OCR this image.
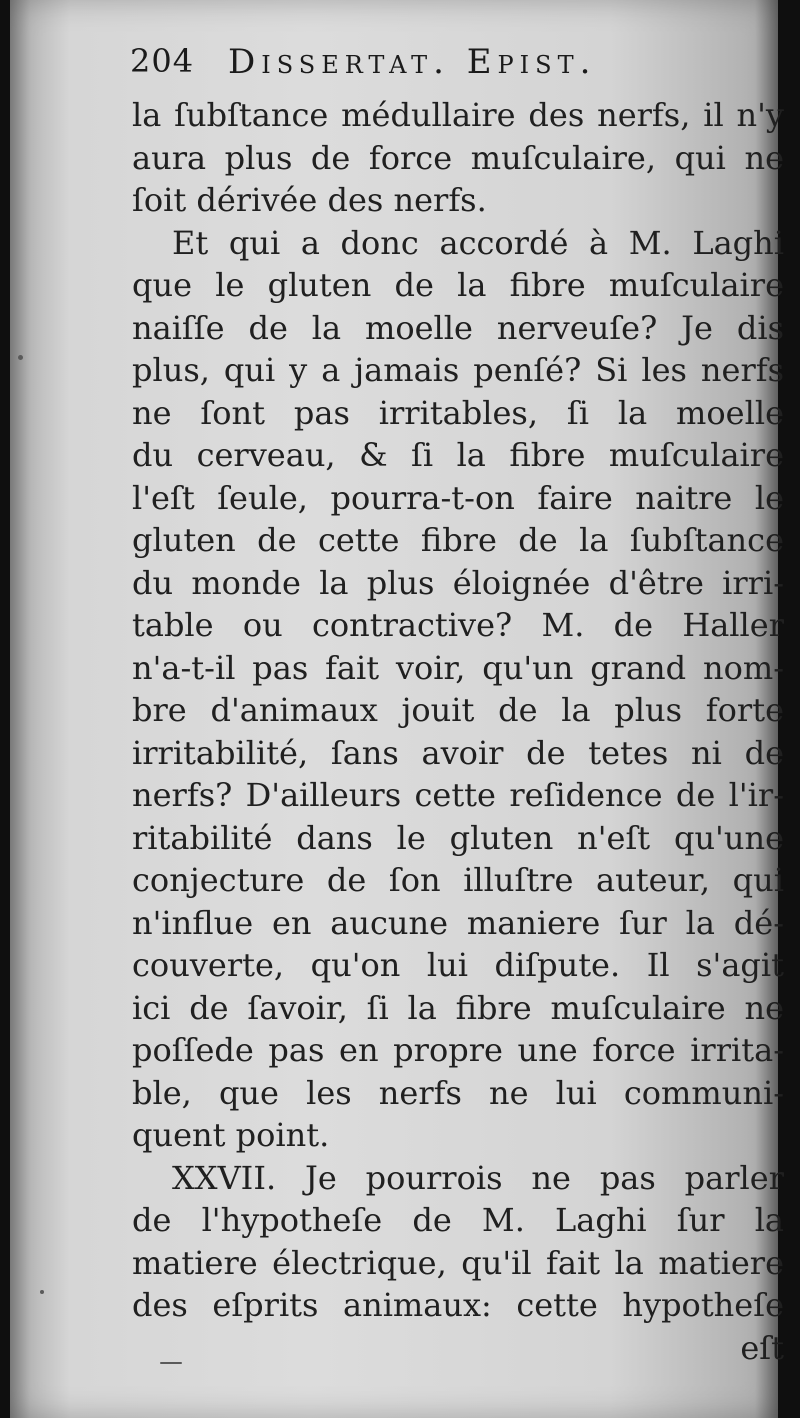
204 Dissertat. Epist.
la ſubſtance médullaire des nerfs, il n'y
aura plus de force muſculaire, qui ne
ſoit dérivée des nerfs.
Et qui a donc accordé à M. Laghi
que le gluten de la fibre muſculaire
naiſſe de la moelle nerveuſe? Je dis
plus, qui y a jamais penſé? Si les nerfs
ne ſont pas irritables, ſi la moelle
du cerveau, & ſi la fibre muſculaire
l'eſt ſeule, pourra-t-on faire naitre le
gluten de cette fibre de la ſubſtance
du monde la plus éloignée d'être irri-
table ou contractive? M. de Haller
n'a-t-il pas fait voir, qu'un grand nom-
bre d'animaux jouit de la plus forte
irritabilité, ſans avoir de tetes ni de
nerfs? D'ailleurs cette reſidence de l'ir-
ritabilité dans le gluten n'eſt qu'une
conjecture de ſon illuſtre auteur, qui
n'influe en aucune maniere ſur la dé-
couverte, qu'on lui diſpute. Il s'agit
ici de ſavoir, ſi la fibre muſculaire ne
poſſede pas en propre une force irrita-
ble, que les nerfs ne lui communi-
quent point.
XXVII. Je pourrois ne pas parler
de l'hypotheſe de M. Laghi ſur la
matiere électrique, qu'il fait la matiere
des eſprits animaux: cette hypotheſe
eſt
